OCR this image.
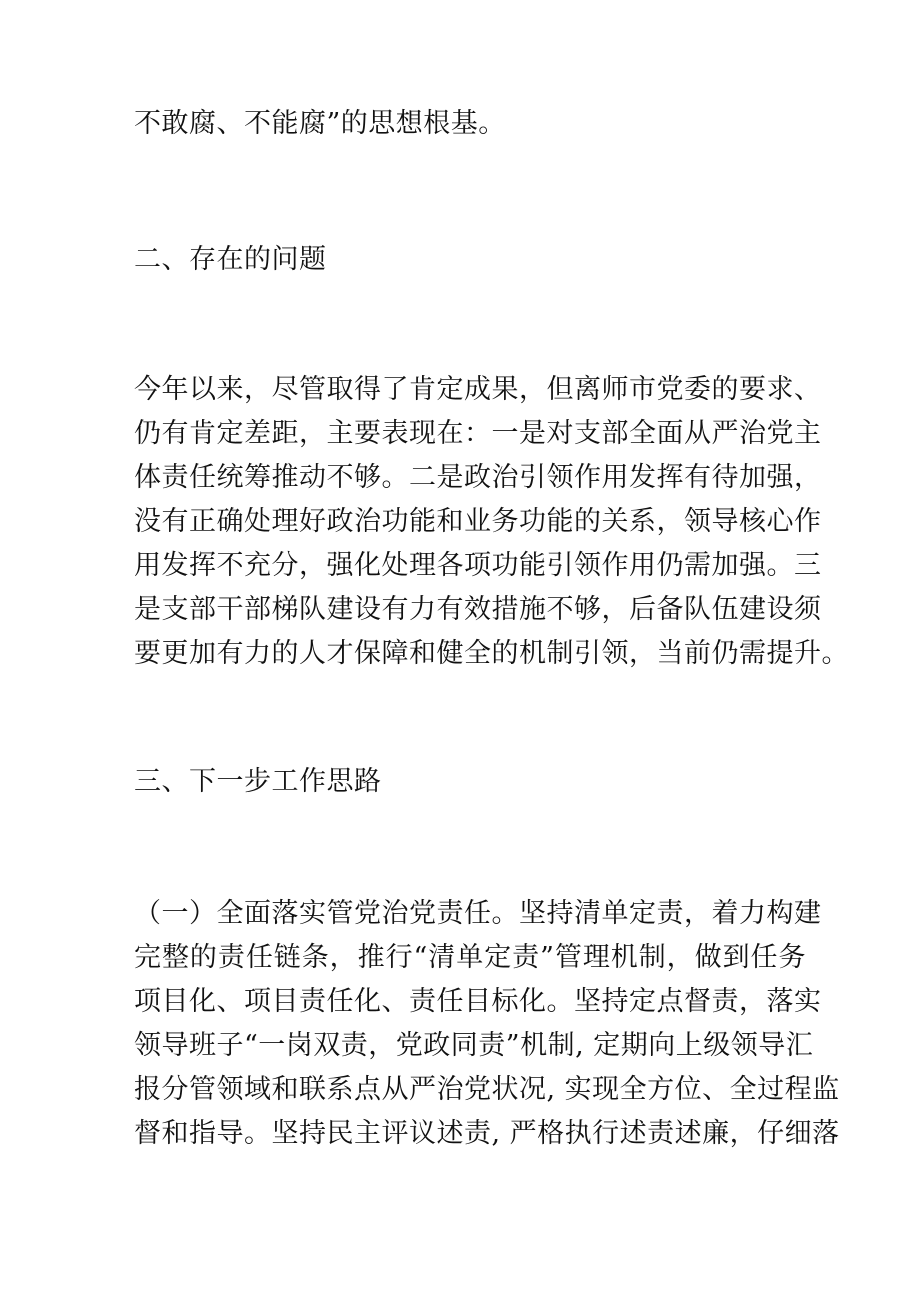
不敢腐、不能腐”的思想根基。
二、存在的问题
今年以来，尽管取得了肯定成果，但离师市党委的要求、
仍有肯定差距，主要表现在：一是对支部全面从严治党主
体责任统筹推动不够。二是政治引领作用发挥有待加强，
没有正确处理好政治功能和业务功能的关系，领导核心作
用发挥不充分，强化处理各项功能引领作用仍需加强。三
是支部干部梯队建设有力有效措施不够，后备队伍建设须
要更加有力的人才保障和健全的机制引领，当前仍需提升。
三、下一步工作思路
（一）全面落实管党治党责任。坚持清单定责，着力构建
完整的责任链条，推行“清单定责”管理机制，做到任务
项目化、项目责任化、责任目标化。坚持定点督责，落实
领导班子“一岗双责，党政同责”机制, 定期向上级领导汇
报分管领域和联系点从严治党状况, 实现全方位、全过程监
督和指导。坚持民主评议述责, 严格执行述责述廉，仔细落
